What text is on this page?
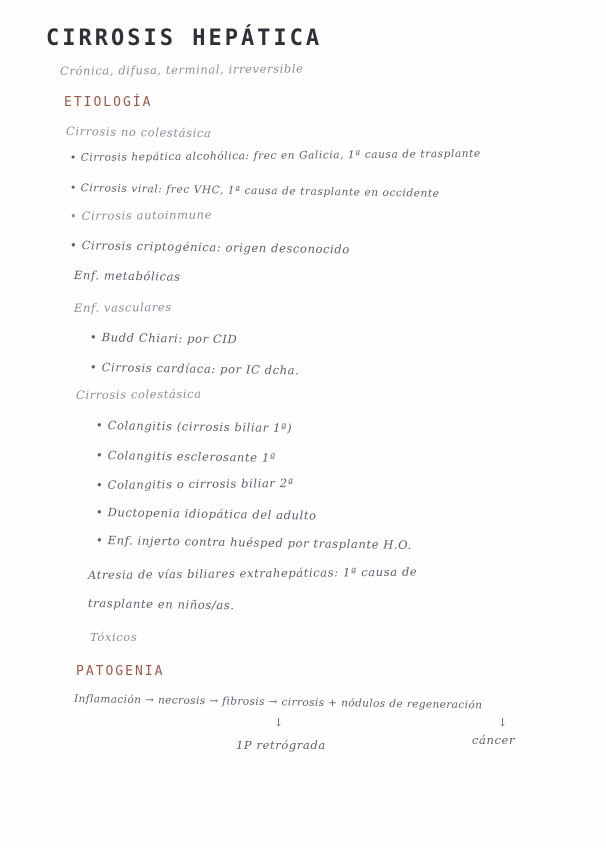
CIRROSIS HEPÁTICA
Crónica, difusa, terminal, irreversible
ETIOLOGÍA
Cirrosis no colestásica
• Cirrosis hepática alcohólica: frec en Galicia, 1ª causa de trasplante
• Cirrosis viral: frec VHC, 1ª causa de trasplante en occidente
• Cirrosis autoinmune
• Cirrosis criptogénica: origen desconocido
Enf. metabólicas
Enf. vasculares
• Budd Chiari: por CID
• Cirrosis cardíaca: por IC dcha.
Cirrosis colestásica
• Colangitis (cirrosis biliar 1ª)
• Colangitis esclerosante 1ª
• Colangitis o cirrosis biliar 2ª
• Ductopenia idiopática del adulto
• Enf. injerto contra huésped por trasplante H.O.
Atresia de vías biliares extrahepáticas: 1ª causa de
trasplante en niños/as.
Tóxicos
PATOGENIA
Inflamación → necrosis → fibrosis → cirrosis + nódulos de regeneración
↓	↓
1P retrógrada	cáncer
